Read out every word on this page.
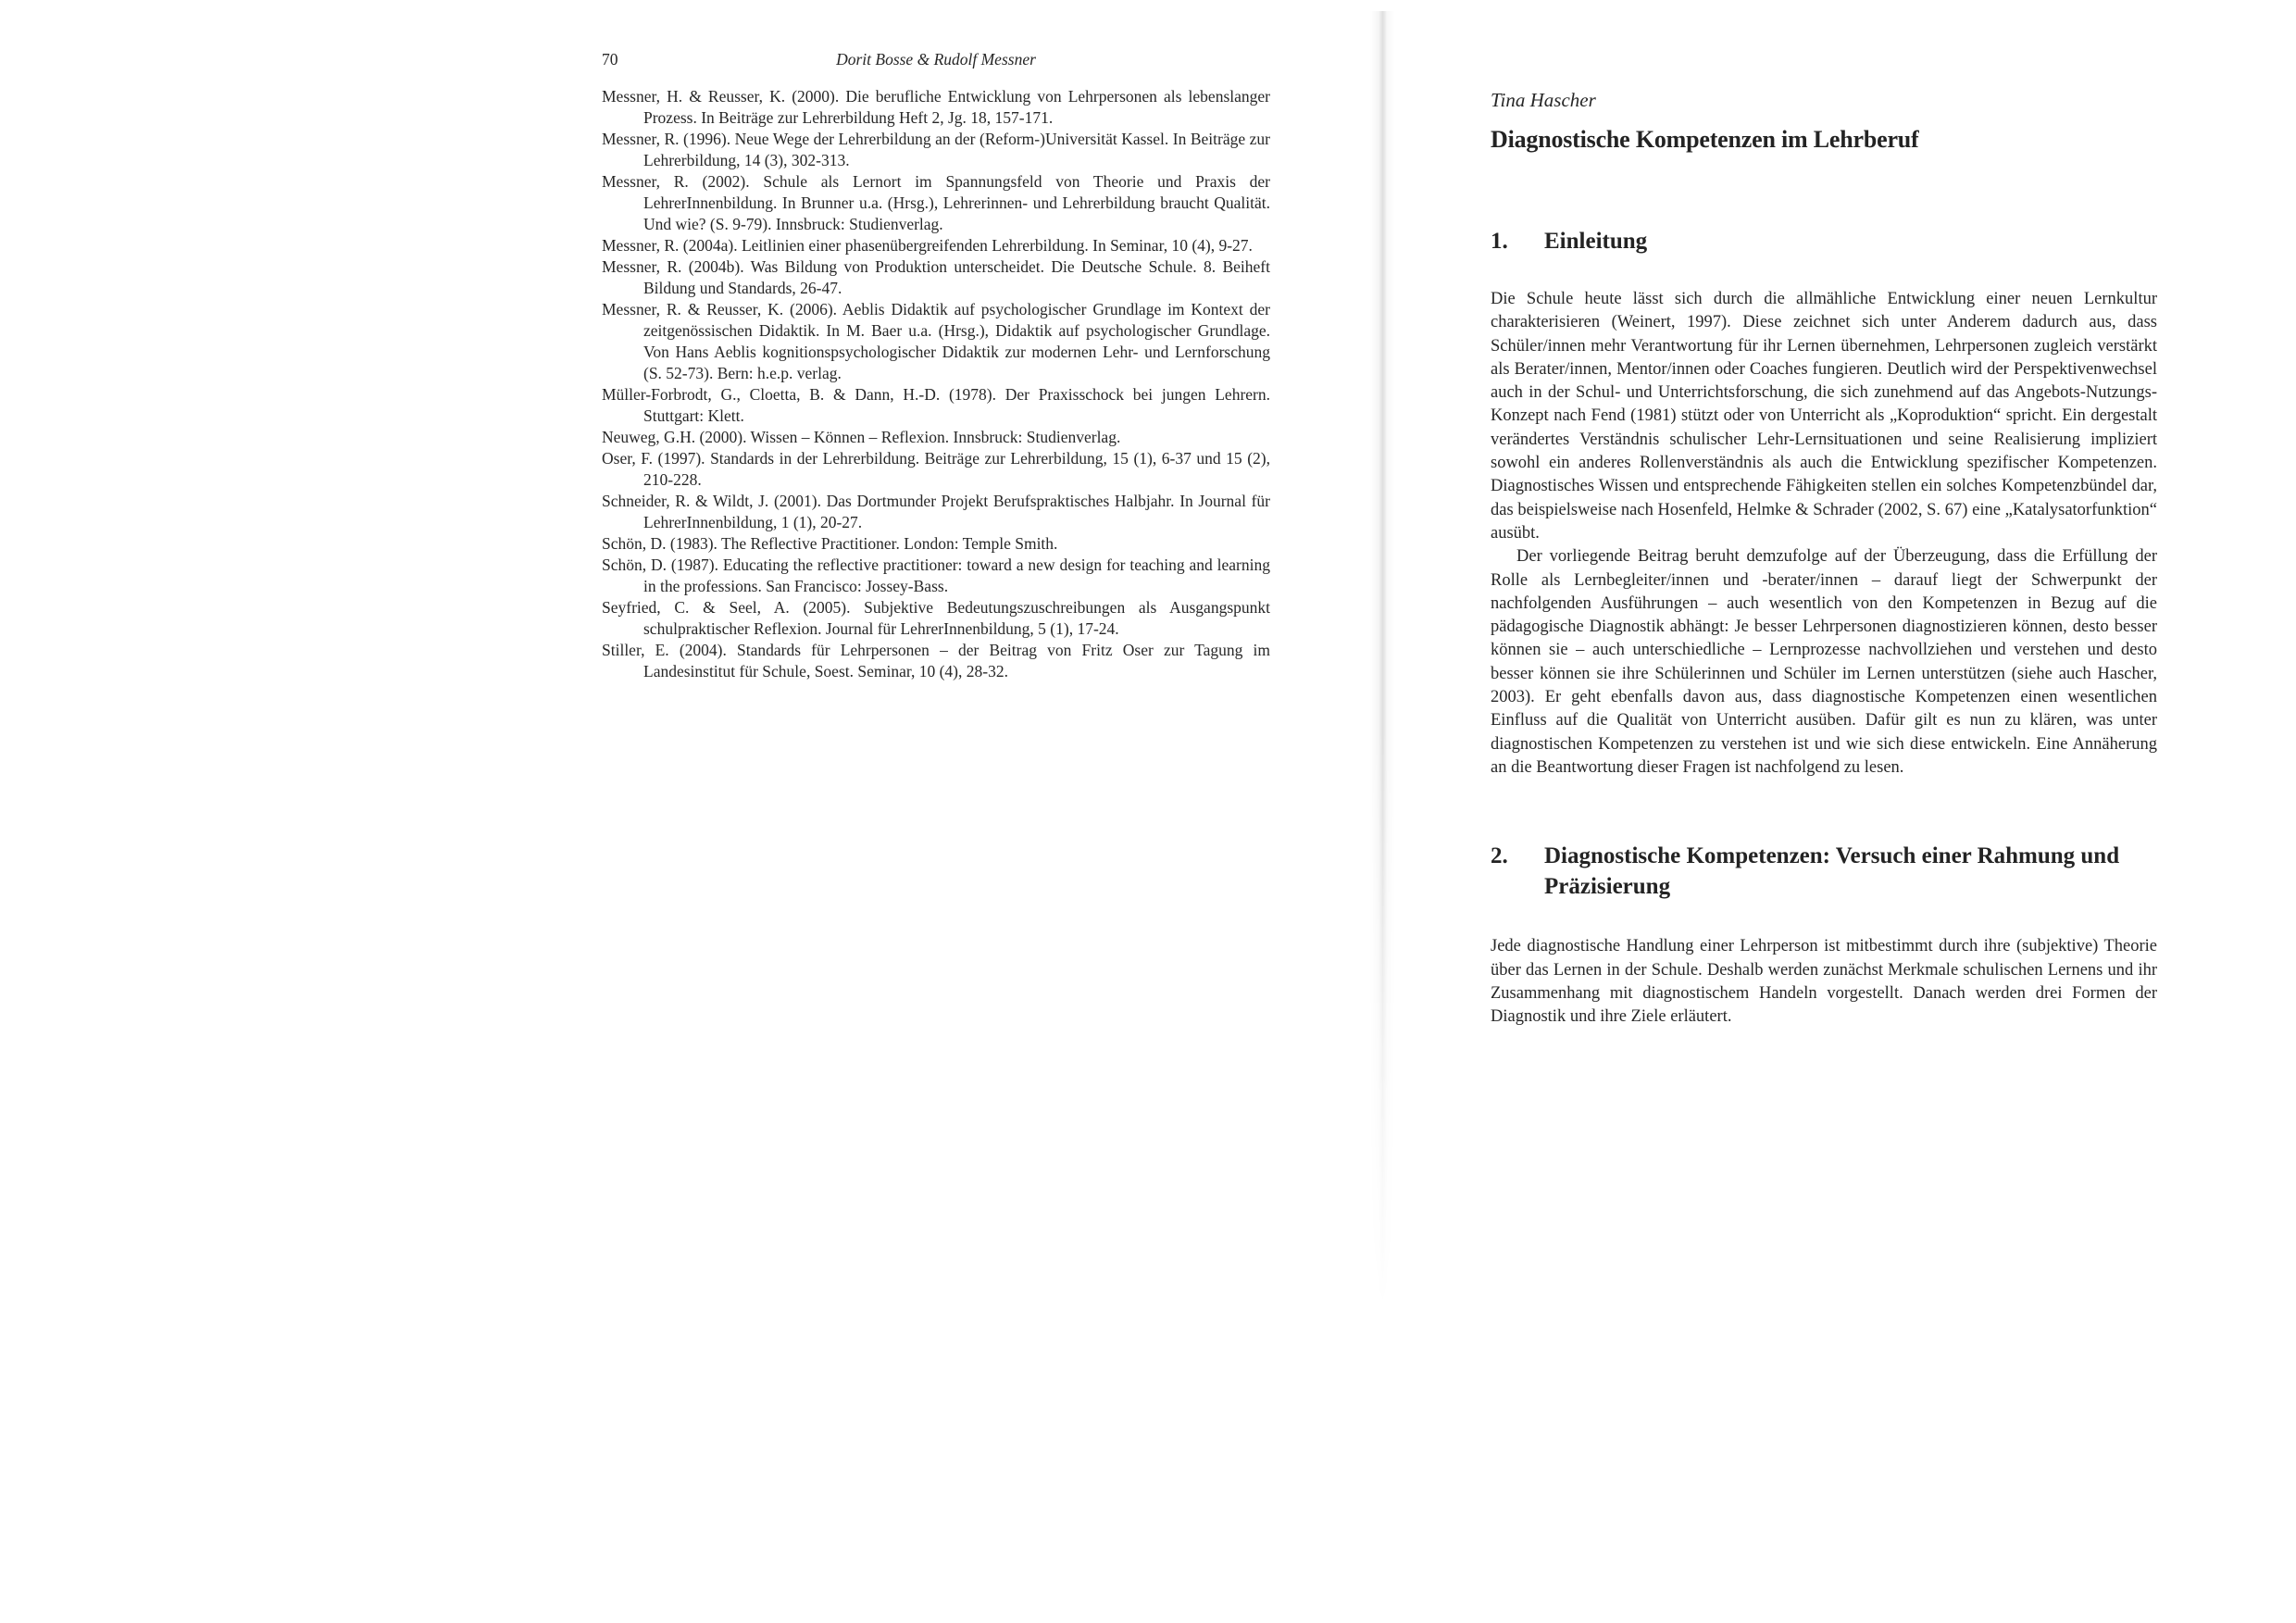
70	Dorit Bosse & Rudolf Messner

Messner, H. & Reusser, K. (2000). Die berufliche Entwicklung von Lehrpersonen als lebenslanger Prozess. In Beiträge zur Lehrerbildung Heft 2, Jg. 18, 157-171.

Messner, R. (1996). Neue Wege der Lehrerbildung an der (Reform-)Universität Kassel. In Beiträge zur Lehrerbildung, 14 (3), 302-313.

Messner, R. (2002). Schule als Lernort im Spannungsfeld von Theorie und Praxis der LehrerInnenbildung. In Brunner u.a. (Hrsg.), Lehrerinnen- und Lehrerbildung braucht Qualität. Und wie? (S. 9-79). Innsbruck: Studienverlag.

Messner, R. (2004a). Leitlinien einer phasenübergreifenden Lehrerbildung. In Seminar, 10 (4), 9-27.

Messner, R. (2004b). Was Bildung von Produktion unterscheidet. Die Deutsche Schule. 8. Beiheft Bildung und Standards, 26-47.

Messner, R. & Reusser, K. (2006). Aeblis Didaktik auf psychologischer Grundlage im Kontext der zeitgenössischen Didaktik. In M. Baer u.a. (Hrsg.), Didaktik auf psychologischer Grundlage. Von Hans Aeblis kognitionspsychologischer Didaktik zur modernen Lehr- und Lernforschung (S. 52-73). Bern: h.e.p. verlag.

Müller-Forbrodt, G., Cloetta, B. & Dann, H.-D. (1978). Der Praxisschock bei jungen Lehrern. Stuttgart: Klett.

Neuweg, G.H. (2000). Wissen – Können – Reflexion. Innsbruck: Studienverlag.

Oser, F. (1997). Standards in der Lehrerbildung. Beiträge zur Lehrerbildung, 15 (1), 6-37 und 15 (2), 210-228.

Schneider, R. & Wildt, J. (2001). Das Dortmunder Projekt Berufspraktisches Halbjahr. In Journal für LehrerInnenbildung, 1 (1), 20-27.

Schön, D. (1983). The Reflective Practitioner. London: Temple Smith.

Schön, D. (1987). Educating the reflective practitioner: toward a new design for teaching and learning in the professions. San Francisco: Jossey-Bass.

Seyfried, C. & Seel, A. (2005). Subjektive Bedeutungszuschreibungen als Ausgangspunkt schulpraktischer Reflexion. Journal für LehrerInnenbildung, 5 (1), 17-24.

Stiller, E. (2004). Standards für Lehrpersonen – der Beitrag von Fritz Oser zur Tagung im Landesinstitut für Schule, Soest. Seminar, 10 (4), 28-32.

Tina Hascher

Diagnostische Kompetenzen im Lehrberuf
1.	Einleitung

Die Schule heute lässt sich durch die allmähliche Entwicklung einer neuen Lernkultur charakterisieren (Weinert, 1997). Diese zeichnet sich unter Anderem dadurch aus, dass Schüler/innen mehr Verantwortung für ihr Lernen übernehmen, Lehrpersonen zugleich verstärkt als Berater/innen, Mentor/innen oder Coaches fungieren. Deutlich wird der Perspektivenwechsel auch in der Schul- und Unterrichtsforschung, die sich zunehmend auf das Angebots-Nutzungs-Konzept nach Fend (1981) stützt oder von Unterricht als „Koproduktion“ spricht. Ein dergestalt verändertes Verständnis schulischer Lehr-Lernsituationen und seine Realisierung impliziert sowohl ein anderes Rollenverständnis als auch die Entwicklung spezifischer Kompetenzen. Diagnostisches Wissen und entsprechende Fähigkeiten stellen ein solches Kompetenzbündel dar, das beispielsweise nach Hosenfeld, Helmke & Schrader (2002, S. 67) eine „Katalysatorfunktion“ ausübt.

Der vorliegende Beitrag beruht demzufolge auf der Überzeugung, dass die Erfüllung der Rolle als Lernbegleiter/innen und -berater/innen – darauf liegt der Schwerpunkt der nachfolgenden Ausführungen – auch wesentlich von den Kompetenzen in Bezug auf die pädagogische Diagnostik abhängt: Je besser Lehrpersonen diagnostizieren können, desto besser können sie – auch unterschiedliche – Lernprozesse nachvollziehen und verstehen und desto besser können sie ihre Schülerinnen und Schüler im Lernen unterstützen (siehe auch Hascher, 2003). Er geht ebenfalls davon aus, dass diagnostische Kompetenzen einen wesentlichen Einfluss auf die Qualität von Unterricht ausüben. Dafür gilt es nun zu klären, was unter diagnostischen Kompetenzen zu verstehen ist und wie sich diese entwickeln. Eine Annäherung an die Beantwortung dieser Fragen ist nachfolgend zu lesen.

2.	Diagnostische Kompetenzen: Versuch einer Rahmung und Präzisierung

Jede diagnostische Handlung einer Lehrperson ist mitbestimmt durch ihre (subjektive) Theorie über das Lernen in der Schule. Deshalb werden zunächst Merkmale schulischen Lernens und ihr Zusammenhang mit diagnostischem Handeln vorgestellt. Danach werden drei Formen der Diagnostik und ihre Ziele erläutert.
